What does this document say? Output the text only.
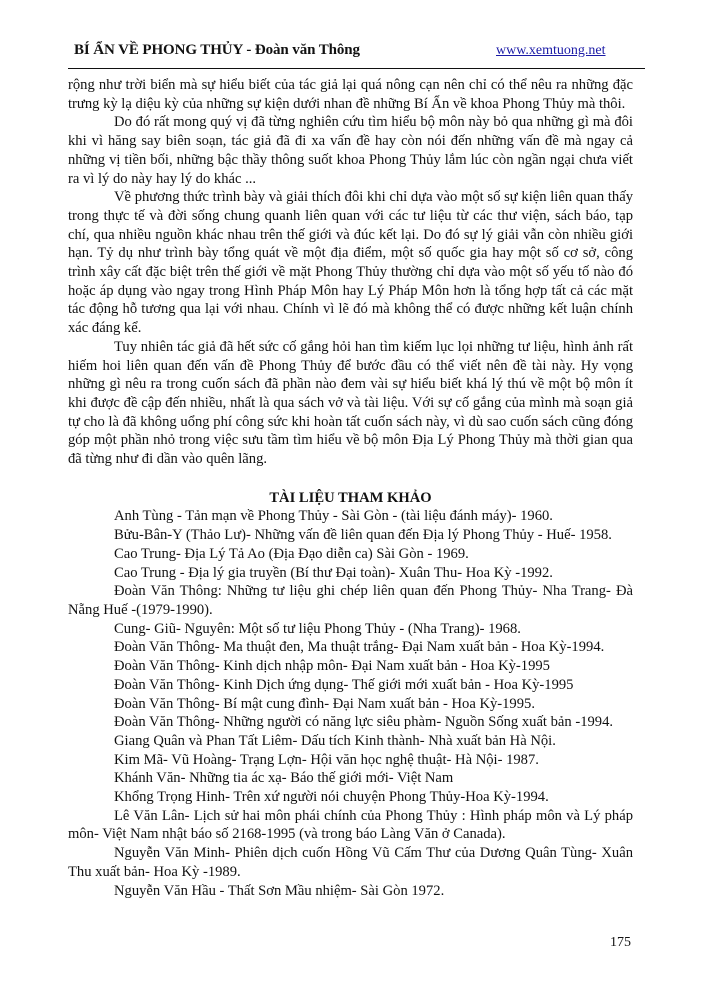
BÍ ẨN VỀ PHONG THỦY - Đoàn văn Thông	www.xemtuong.net

rộng như trời biển mà sự hiểu biết của tác giả lại quá nông cạn nên chỉ có thể nêu ra những đặc trưng kỳ lạ diệu kỳ của những sự kiện dưới nhan đề những Bí Ẩn về khoa Phong Thủy mà thôi.

Do đó rất mong quý vị đã từng nghiên cứu tìm hiểu bộ môn này bỏ qua những gì mà đôi khi vì hăng say biên soạn, tác giả đã đi xa vấn đề hay còn nói đến những vấn đề mà ngay cả những vị tiền bối, những bậc thầy thông suốt khoa Phong Thủy lắm lúc còn ngần ngại chưa viết ra vì lý do này hay lý do khác ...

Về phương thức trình bày và giải thích đôi khi chỉ dựa vào một số sự kiện liên quan thấy trong thực tế và đời sống chung quanh liên quan với các tư liệu từ các thư viện, sách báo, tạp chí, qua nhiều nguồn khác nhau trên thế giới và đúc kết lại. Do đó sự lý giải vẫn còn nhiều giới hạn. Tỷ dụ như trình bày tổng quát về một địa điểm, một số quốc gia hay một số cơ sở, công trình xây cất đặc biệt trên thế giới về mặt Phong Thủy thường chỉ dựa vào một số yếu tố nào đó hoặc áp dụng vào ngay trong Hình Pháp Môn hay Lý Pháp Môn hơn là tổng hợp tất cả các mặt tác động hỗ tương qua lại với nhau. Chính vì lẽ đó mà không thể có được những kết luận chính xác đáng kể.

Tuy nhiên tác giả đã hết sức cố gắng hỏi han tìm kiếm lục lọi những tư liệu, hình ảnh rất hiếm hoi liên quan đến vấn đề Phong Thủy để bước đầu có thể viết nên đề tài này. Hy vọng những gì nêu ra trong cuốn sách đã phần nào đem vài sự hiểu biết khá lý thú về một bộ môn ít khi được đề cập đến nhiều, nhất là qua sách vở và tài liệu. Với sự cố gắng của mình mà soạn giả tự cho là đã không uổng phí công sức khi hoàn tất cuốn sách này, vì dù sao cuốn sách cũng đóng góp một phần nhỏ trong việc sưu tầm tìm hiểu về bộ môn Địa Lý Phong Thủy mà thời gian qua đã từng như đi dần vào quên lãng.

TÀI LIỆU THAM KHẢO

Anh Tùng - Tản mạn về Phong Thủy - Sài Gòn - (tài liệu đánh máy)- 1960.

Bửu-Bân-Y (Thảo Lư)- Những vấn đề liên quan đến Địa lý Phong Thủy - Huế- 1958.

Cao Trung- Địa Lý Tả Ao (Địa Đạo diễn ca) Sài Gòn - 1969.

Cao Trung - Địa lý gia truyền (Bí thư Đại toàn)- Xuân Thu- Hoa Kỳ -1992.

Đoàn Văn Thông: Những tư liệu ghi chép liên quan đến Phong Thủy- Nha Trang- Đà Nẵng Huế -(1979-1990).

Cung- Giũ- Nguyên: Một số tư liệu Phong Thủy - (Nha Trang)- 1968.

Đoàn Văn Thông- Ma thuật đen, Ma thuật trắng- Đại Nam xuất bản - Hoa Kỳ-1994.

Đoàn Văn Thông- Kinh dịch nhập môn- Đại Nam xuất bản - Hoa Kỳ-1995

Đoàn Văn Thông- Kinh Dịch ứng dụng- Thế giới mới xuất bản - Hoa Kỳ-1995

Đoàn Văn Thông- Bí mật cung đình- Đại Nam xuất bản - Hoa Kỳ-1995.

Đoàn Văn Thông- Những người có năng lực siêu phàm- Nguồn Sống xuất bản -1994.

Giang Quân và Phan Tất Liêm- Dấu tích Kinh thành- Nhà xuất bản Hà Nội.

Kim Mã- Vũ Hoàng- Trạng Lợn- Hội văn học nghệ thuật- Hà Nội- 1987.

Khánh Văn- Những tia ác xạ- Báo thế giới mới- Việt Nam

Khổng Trọng Hinh- Trên xứ người nói chuyện Phong Thủy-Hoa Kỳ-1994.

Lê Văn Lân- Lịch sử hai môn phái chính của Phong Thủy : Hình pháp môn và Lý pháp môn- Việt Nam nhật báo số 2168-1995 (và trong báo Làng Văn ở Canada).

Nguyễn Văn Minh- Phiên dịch cuốn Hồng Vũ Cấm Thư của Dương Quân Tùng- Xuân Thu xuất bản- Hoa Kỳ -1989.

Nguyễn Văn Hầu - Thất Sơn Mầu nhiệm- Sài Gòn 1972.

175
